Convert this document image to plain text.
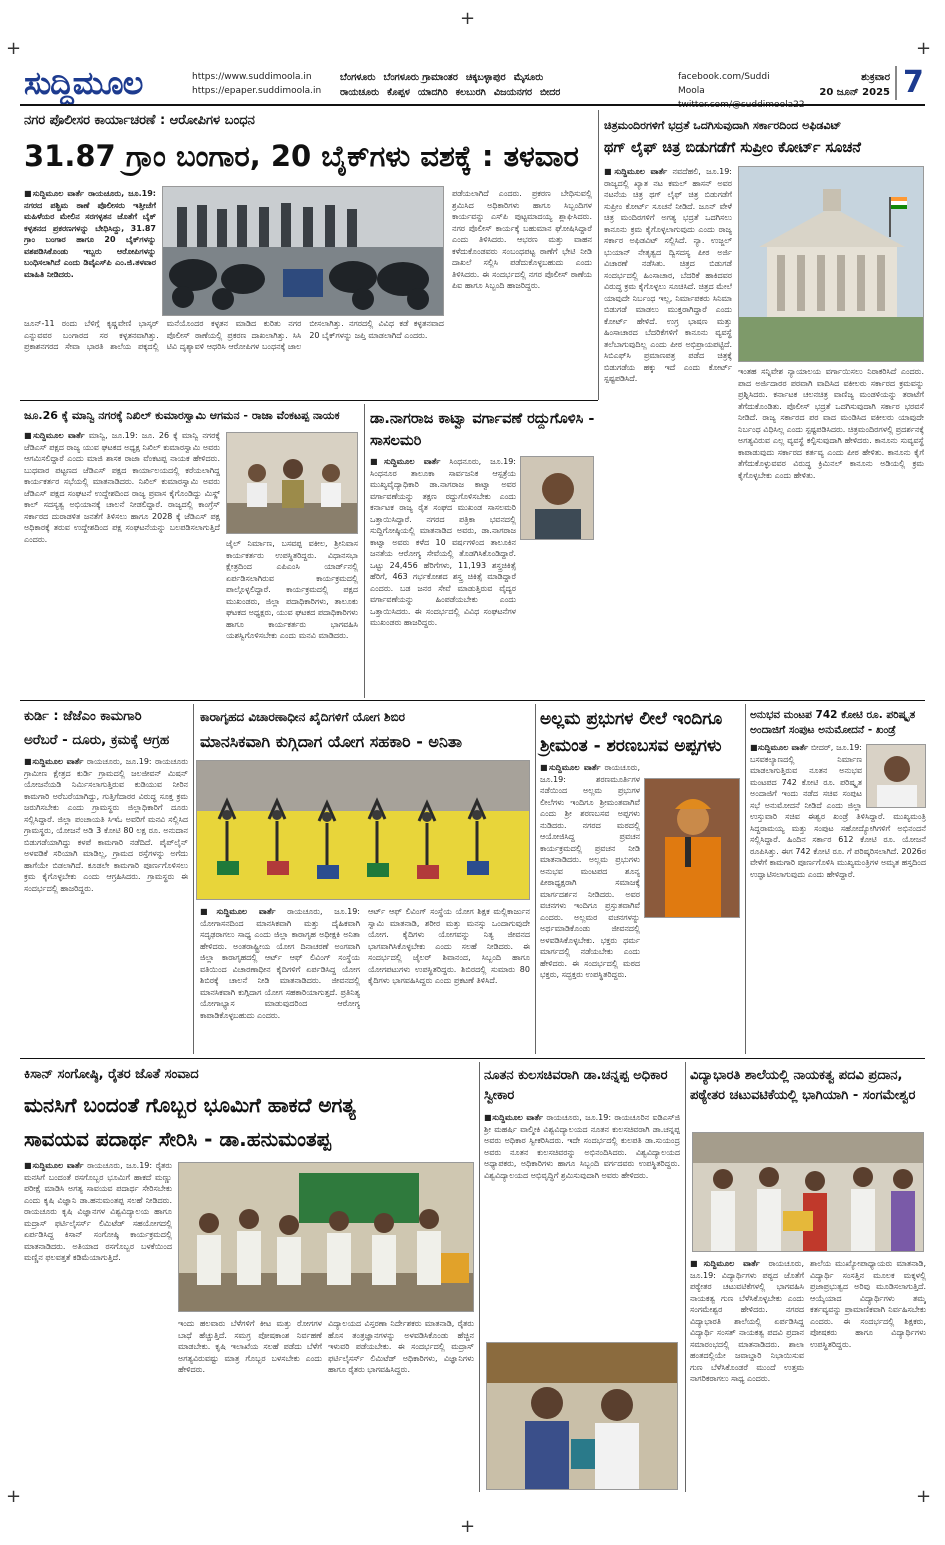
+	+
+	+
+
+
ಸುದ್ದಿಮೂಲ	https://www.suddimoola.in
https://epaper.suddimoola.in
ಬೆಂಗಳೂರು ಬೆಂಗಳೂರು ಗ್ರಾಮಾಂತರ ಚಿಕ್ಕಬಳ್ಳಾಪುರ ಮೈಸೂರು
ರಾಯಚೂರು ಕೊಪ್ಪಳ ಯಾದಗಿರಿ ಕಲಬುರಗಿ ವಿಜಯನಗರ ಬೀದರ
facebook.com/Suddi Moola
ಶುಕ್ರವಾರ
20 ಜೂನ್ 2025 7
ನಗರ ಪೊಲೀಸರ ಕಾರ್ಯಾಚರಣೆ : ಆರೋಪಿಗಳ ಬಂಧನ
31.87 ಗ್ರಾಂ ಬಂಗಾರ, 20 ಬೈಕ್‌ಗಳು ವಶಕ್ಕೆ : ತಳವಾರ
■ಸುದ್ದಿಮೂಲ ವಾರ್ತೆ ರಾಯಚೂರು, ಜೂ.19: ನಗರದ ಪಶ್ಚಿಮ ಠಾಣೆ ಪೊಲೀಸರು ಇತ್ತೀಚೆಗೆ ಮಹಿಳೆಯರ ಮೇಲಿನ ಸರಗಳ್ಳತನ ಜೊತೆಗೆ ಬೈಕ್ ಕಳ್ಳತನದ ಪ್ರಕರಣಗಳನ್ನು ಬೇಧಿಸಿದ್ದು, 31.87 ಗ್ರಾಂ ಬಂಗಾರ ಹಾಗೂ 20 ಬೈಕ್‌ಗಳನ್ನು ವಶಪಡಿಸಿಕೊಂಡು ಇಬ್ಬರು ಆರೋಪಿಗಳನ್ನು ಬಂಧಿಸಲಾಗಿದೆ ಎಂದು ಡಿವೈಎಸ್‌ಪಿ ಎಂ.ಜಿ.ತಳವಾರ ಮಾಹಿತಿ ನೀಡಿದರು.
ಪಡೆಯಲಾಗಿದೆ ಎಂದರು. ಪ್ರಕರಣ ಬೇಧಿಸುವಲ್ಲಿ ಶ್ರಮಿಸಿದ ಅಧಿಕಾರಿಗಳು ಹಾಗೂ ಸಿಬ್ಬಂದಿಗಳ ಕಾರ್ಯವನ್ನು ಎಸ್‌ಪಿ ಪುಟ್ಟಮಾದಯ್ಯ ಶ್ಲಾಘಿಸಿದರು. ನಗರ ಪೊಲೀಸ್ ಕಾರ್ಯಕ್ಕೆ ಬಹುಮಾನ ಘೋಷಿಸಿದ್ದಾರೆ ಎಂದು ತಿಳಿಸಿದರು. ಆಭರಣ ಮತ್ತು ವಾಹನ ಕಳೆದುಕೊಂಡವರು ಸಂಬಂಧಪಟ್ಟ ಠಾಣೆಗೆ ಭೇಟಿ ನೀಡಿ ದಾಖಲೆ ಸಲ್ಲಿಸಿ ಪಡೆದುಕೊಳ್ಳಬಹುದು ಎಂದು ತಿಳಿಸಿದರು. ಈ ಸಂದರ್ಭದಲ್ಲಿ ನಗರ ಪೊಲೀಸ್ ಠಾಣೆಯ ಪಿಐ ಹಾಗೂ ಸಿಬ್ಬಂದಿ ಹಾಜರಿದ್ದರು.
ಜೂನ್‌-11 ರಂದು ಬೆಳಿಗ್ಗೆ ಕೃಷ್ಣವೇಣಿ ಭಾಸ್ಕರ್ ಎನ್ನುವವರ ಬಂಗಾರದ ಸರ ಕಳ್ಳತನವಾಗಿತ್ತು. ಪ್ರಕಾಶನಗರದ ಸೇವಾ ಭಾರತಿ ಶಾಲೆಯ ಪಕ್ಕದಲ್ಲಿ ಮನೆಯೊಂದರ ಕಳ್ಳತನ ಮಾಡಿದ ಕುರಿತು ನಗರ ಪೊಲೀಸ್ ಠಾಣೆಯಲ್ಲಿ ಪ್ರಕರಣ ದಾಖಲಾಗಿತ್ತು. ಸಿಸಿ ಟಿವಿ ದೃಶ್ಯಾವಳಿ ಆಧರಿಸಿ ಆರೋಪಿಗಳ ಬಂಧನಕ್ಕೆ ಜಾಲ ಬೀಸಲಾಗಿತ್ತು. ನಗರದಲ್ಲಿ ವಿವಿಧ ಕಡೆ ಕಳ್ಳತನವಾದ 20 ಬೈಕ್‌ಗಳನ್ನು ಜಪ್ತಿ ಮಾಡಲಾಗಿದೆ ಎಂದರು.
ಚಿತ್ರಮಂದಿರಗಳಿಗೆ ಭದ್ರತೆ ಒದಗಿಸುವುದಾಗಿ ಸರ್ಕಾರದಿಂದ ಅಫಿಡವಿಟ್
ಥಗ್ ಲೈಫ್ ಚಿತ್ರ ಬಿಡುಗಡೆಗೆ ಸುಪ್ರೀಂ ಕೋರ್ಟ್ ಸೂಚನೆ
■ಸುದ್ದಿಮೂಲ ವಾರ್ತೆ ನವದೆಹಲಿ, ಜೂ.19: ರಾಜ್ಯದಲ್ಲಿ ಖ್ಯಾತ ನಟ ಕಮಲ್ ಹಾಸನ್ ಅವರ ನಟನೆಯ ಚಿತ್ರ ಥಗ್ ಲೈಫ್ ಚಿತ್ರ ಬಿಡುಗಡೆಗೆ ಸುಪ್ರೀಂ ಕೋರ್ಟ್ ಸೂಚನೆ ನೀಡಿದೆ. ಜೂನ್ ವೇಳೆ ಚಿತ್ರ ಮಂದಿರಗಳಿಗೆ ಅಗತ್ಯ ಭದ್ರತೆ ಒದಗಿಸಲು ಕಾನೂನು ಕ್ರಮ ಕೈಗೊಳ್ಳಲಾಗುವುದು ಎಂದು ರಾಜ್ಯ ಸರ್ಕಾರ ಅಫಿಡವಿಟ್ ಸಲ್ಲಿಸಿದೆ. ನ್ಯಾ. ಉಜ್ಜಲ್ ಭುಯಾನ್ ನೇತೃತ್ವದ ದ್ವಿಸದಸ್ಯ ಪೀಠ ಅರ್ಜಿ ವಿಚಾರಣೆ ನಡೆಸಿತು. ಚಿತ್ರದ ಬಿಡುಗಡೆ ಸಂದರ್ಭದಲ್ಲಿ ಹಿಂಸಾಚಾರ, ಬೆದರಿಕೆ ಹಾಕಿದವರ ವಿರುದ್ಧ ಕ್ರಮ ಕೈಗೊಳ್ಳಲು ಸೂಚಿಸಿದೆ. ಚಿತ್ರದ ಮೇಲೆ ಯಾವುದೇ ನಿರ್ಬಂಧ ಇಲ್ಲ, ನಿರ್ಮಾಪಕರು ಸಿನಿಮಾ ಬಿಡುಗಡೆ ಮಾಡಲು ಮುಕ್ತರಾಗಿದ್ದಾರೆ ಎಂದು ಕೋರ್ಟ್ ಹೇಳಿದೆ. ಉಗ್ರ ಭಾಷಣ ಮತ್ತು ಹಿಂಸಾಚಾರದ ಬೆದರಿಕೆಗಳಿಗೆ ಕಾನೂನು ವ್ಯವಸ್ಥೆ ತಲೆಬಾಗುವುದಿಲ್ಲ ಎಂದು ಪೀಠ ಅಭಿಪ್ರಾಯಪಟ್ಟಿದೆ. ಸಿಬಿಎಫ್‌ಸಿ ಪ್ರಮಾಣಪತ್ರ ಪಡೆದ ಚಿತ್ರಕ್ಕೆ ಬಿಡುಗಡೆಯ ಹಕ್ಕು ಇದೆ ಎಂದು ಕೋರ್ಟ್ ಸ್ಪಷ್ಟಪಡಿಸಿದೆ.
ಇಂತಹ ಸನ್ನಿವೇಶ ನ್ಯಾಯಾಲಯ ವರ್ಗಾಯಿಸಲು ನಿರಾಕರಿಸಿದೆ ಎಂದರು. ಪಾದ ಅರ್ಜಿದಾರರ ಪರವಾಗಿ ವಾದಿಸಿದ ವಕೀಲರು ಸರ್ಕಾರದ ಕ್ರಮವನ್ನು ಪ್ರಶ್ನಿಸಿದರು. ಕರ್ನಾಟಕ ಚಲನಚಿತ್ರ ವಾಣಿಜ್ಯ ಮಂಡಳಿಯನ್ನು ತರಾಟೆಗೆ ತೆಗೆದುಕೊಂಡಿತು. ಪೊಲೀಸ್ ಭದ್ರತೆ ಒದಗಿಸುವುದಾಗಿ ಸರ್ಕಾರ ಭರವಸೆ ನೀಡಿದೆ. ರಾಜ್ಯ ಸರ್ಕಾರದ ಪರ ವಾದ ಮಂಡಿಸಿದ ವಕೀಲರು ಯಾವುದೇ ನಿರ್ಬಂಧ ವಿಧಿಸಿಲ್ಲ ಎಂದು ಸ್ಪಷ್ಟಪಡಿಸಿದರು. ಚಿತ್ರಮಂದಿರಗಳಲ್ಲಿ ಪ್ರದರ್ಶನಕ್ಕೆ ಅಗತ್ಯವಿರುವ ಎಲ್ಲ ವ್ಯವಸ್ಥೆ ಕಲ್ಪಿಸುವುದಾಗಿ ಹೇಳಿದರು. ಕಾನೂನು ಸುವ್ಯವಸ್ಥೆ ಕಾಪಾಡುವುದು ಸರ್ಕಾರದ ಕರ್ತವ್ಯ ಎಂದು ಪೀಠ ಹೇಳಿತು. ಕಾನೂನು ಕೈಗೆ ತೆಗೆದುಕೊಳ್ಳುವವರ ವಿರುದ್ಧ ಕ್ರಿಮಿನಲ್ ಕಾನೂನು ಅಡಿಯಲ್ಲಿ ಕ್ರಮ ಕೈಗೊಳ್ಳಬೇಕು ಎಂದು ಹೇಳಿತು.
ಜೂ.26 ಕ್ಕೆ ಮಾನ್ವಿ ನಗರಕ್ಕೆ ನಿಖಿಲ್ ಕುಮಾರಸ್ವಾಮಿ ಆಗಮನ - ರಾಜಾ ವೆಂಕಟಪ್ಪ ನಾಯಕ
■ಸುದ್ದಿಮೂಲ ವಾರ್ತೆ ಮಾನ್ವಿ, ಜೂ.19: ಜೂ. 26 ಕ್ಕೆ ಮಾನ್ವಿ ನಗರಕ್ಕೆ ಜೆಡಿಎಸ್ ಪಕ್ಷದ ರಾಜ್ಯ ಯುವ ಘಟಕದ ಅಧ್ಯಕ್ಷ ನಿಖಿಲ್ ಕುಮಾರಸ್ವಾಮಿ ಅವರು ಆಗಮಿಸಲಿದ್ದಾರೆ ಎಂದು ಮಾಜಿ ಶಾಸಕ ರಾಜಾ ವೆಂಕಟಪ್ಪ ನಾಯಕ ಹೇಳಿದರು. ಬುಧವಾರ ಪಟ್ಟಣದ ಜೆಡಿಎಸ್ ಪಕ್ಷದ ಕಾರ್ಯಾಲಯದಲ್ಲಿ ಕರೆಯಲಾಗಿದ್ದ ಕಾರ್ಯಕರ್ತರ ಸಭೆಯಲ್ಲಿ ಮಾತನಾಡಿದರು. ನಿಖಿಲ್ ಕುಮಾರಸ್ವಾಮಿ ಅವರು ಜೆಡಿಎಸ್ ಪಕ್ಷದ ಸಂಘಟನೆ ಉದ್ದೇಶದಿಂದ ರಾಜ್ಯ ಪ್ರವಾಸ ಕೈಗೊಂಡಿದ್ದು ಮಿಸ್ಡ್ ಕಾಲ್ ಸದಸ್ಯತ್ವ ಅಭಿಯಾನಕ್ಕೆ ಚಾಲನೆ ನೀಡಲಿದ್ದಾರೆ. ರಾಜ್ಯದಲ್ಲಿ ಕಾಂಗ್ರೆಸ್ ಸರ್ಕಾರದ ದುರಾಡಳಿತ ಜನತೆಗೆ ತಿಳಿಸಲು ಹಾಗೂ 2028 ಕ್ಕೆ ಜೆಡಿಎಸ್ ಪಕ್ಷ ಅಧಿಕಾರಕ್ಕೆ ತರುವ ಉದ್ದೇಶದಿಂದ ಪಕ್ಷ ಸಂಘಟನೆಯನ್ನು ಬಲಪಡಿಸಲಾಗುತ್ತಿದೆ ಎಂದರು.	ಜೈಲ್ ನಿರ್ಮಾಣ, ಬಸವಪ್ಪ ವಕೀಲ, ಶ್ರೀನಿವಾಸ ಕಾರ್ಯಕರ್ತರು ಉಪಸ್ಥಿತರಿದ್ದರು. ವಿಧಾನಸಭಾ ಕ್ಷೇತ್ರದಿಂದ ಎಪಿಎಂಸಿ ಯಾರ್ಡ್‌ನಲ್ಲಿ ಏರ್ಪಡಿಸಲಾಗಿರುವ ಕಾರ್ಯಕ್ರಮದಲ್ಲಿ ಪಾಲ್ಗೊಳ್ಳಲಿದ್ದಾರೆ. ಕಾರ್ಯಕ್ರಮದಲ್ಲಿ ಪಕ್ಷದ ಮುಖಂಡರು, ಜಿಲ್ಲಾ ಪದಾಧಿಕಾರಿಗಳು, ತಾಲೂಕು ಘಟಕದ ಅಧ್ಯಕ್ಷರು, ಯುವ ಘಟಕದ ಪದಾಧಿಕಾರಿಗಳು ಹಾಗೂ ಕಾರ್ಯಕರ್ತರು ಭಾಗವಹಿಸಿ ಯಶಸ್ವಿಗೊಳಿಸಬೇಕು ಎಂದು ಮನವಿ ಮಾಡಿದರು.
ಡಾ.ನಾಗರಾಜ ಕಾಟ್ವಾ ವರ್ಗಾವಣೆ ರದ್ದುಗೊಳಿಸಿ - ಸಾಸಲಮರಿ
■ಸುದ್ದಿಮೂಲ ವಾರ್ತೆ ಸಿಂಧನೂರು, ಜೂ.19: ಸಿಂಧನೂರ ತಾಲೂಕಾ ಸಾರ್ವಜನಿಕ ಆಸ್ಪತ್ರೆಯ ಮುಖ್ಯವೈದ್ಯಾಧಿಕಾರಿ ಡಾ.ನಾಗರಾಜ ಕಾಟ್ವಾ ಅವರ ವರ್ಗಾವಣೆಯನ್ನು ತಕ್ಷಣ ರದ್ದುಗೊಳಿಸಬೇಕು ಎಂದು ಕರ್ನಾಟಕ ರಾಜ್ಯ ರೈತ ಸಂಘದ ಮುಖಂಡ ಸಾಸಲಮರಿ ಒತ್ತಾಯಿಸಿದ್ದಾರೆ. ನಗರದ ಪತ್ರಿಕಾ ಭವನದಲ್ಲಿ ಸುದ್ದಿಗೋಷ್ಠಿಯಲ್ಲಿ ಮಾತನಾಡಿದ ಅವರು, ಡಾ.ನಾಗರಾಜ ಕಾಟ್ವಾ ಅವರು ಕಳೆದ 10 ವರ್ಷಗಳಿಂದ ತಾಲೂಕಿನ ಜನತೆಯ ಆರೋಗ್ಯ ಸೇವೆಯಲ್ಲಿ ತೊಡಗಿಸಿಕೊಂಡಿದ್ದಾರೆ. ಒಟ್ಟು 24,456 ಹೆರಿಗೆಗಳು, 11,193 ಶಸ್ತ್ರಚಿಕಿತ್ಸೆ ಹೆರಿಗೆ, 463 ಗರ್ಭಕೋಶದ ಶಸ್ತ್ರ ಚಿಕಿತ್ಸೆ ಮಾಡಿದ್ದಾರೆ ಎಂದರು. ಬಡ ಜನರ ಸೇವೆ ಮಾಡುತ್ತಿರುವ ವೈದ್ಯರ ವರ್ಗಾವಣೆಯನ್ನು ಹಿಂಪಡೆಯಬೇಕು ಎಂದು ಒತ್ತಾಯಿಸಿದರು. ಈ ಸಂದರ್ಭದಲ್ಲಿ ವಿವಿಧ ಸಂಘಟನೆಗಳ ಮುಖಂಡರು ಹಾಜರಿದ್ದರು.
ಕುರ್ಡಿ : ಜೆಜೆಎಂ ಕಾಮಗಾರಿ
ಅರೆಬರೆ - ದೂರು, ಕ್ರಮಕ್ಕೆ ಆಗ್ರಹ
■ಸುದ್ದಿಮೂಲ ವಾರ್ತೆ ರಾಯಚೂರು, ಜೂ.19: ರಾಯಚೂರು ಗ್ರಾಮೀಣ ಕ್ಷೇತ್ರದ ಕುರ್ಡಿ ಗ್ರಾಮದಲ್ಲಿ ಜಲಜೀವನ್ ಮಿಷನ್ ಯೋಜನೆಯಡಿ ನಿರ್ಮಿಸಲಾಗುತ್ತಿರುವ ಕುಡಿಯುವ ನೀರಿನ ಕಾಮಗಾರಿ ಅರೆಬರೆಯಾಗಿದ್ದು, ಗುತ್ತಿಗೆದಾರರ ವಿರುದ್ಧ ಸೂಕ್ತ ಕ್ರಮ ಜರುಗಿಸಬೇಕು ಎಂದು ಗ್ರಾಮಸ್ಥರು ಜಿಲ್ಲಾಧಿಕಾರಿಗೆ ದೂರು ಸಲ್ಲಿಸಿದ್ದಾರೆ. ಜಿಲ್ಲಾ ಪಂಚಾಯತಿ ಸಿಇಓ ಅವರಿಗೆ ಮನವಿ ಸಲ್ಲಿಸಿದ ಗ್ರಾಮಸ್ಥರು, ಯೋಜನೆ ಅಡಿ 3 ಕೋಟಿ 80 ಲಕ್ಷ ರೂ. ಅನುದಾನ ಬಿಡುಗಡೆಯಾಗಿದ್ದು ಕಳಪೆ ಕಾಮಗಾರಿ ನಡೆದಿದೆ. ಪೈಪ್‌ಲೈನ್ ಅಳವಡಿಕೆ ಸರಿಯಾಗಿ ಮಾಡಿಲ್ಲ, ಗ್ರಾಮದ ರಸ್ತೆಗಳನ್ನು ಅಗೆದು ಹಾಗೆಯೇ ಬಿಡಲಾಗಿದೆ. ಕೂಡಲೇ ಕಾಮಗಾರಿ ಪೂರ್ಣಗೊಳಿಸಲು ಕ್ರಮ ಕೈಗೊಳ್ಳಬೇಕು ಎಂದು ಆಗ್ರಹಿಸಿದರು. ಗ್ರಾಮಸ್ಥರು ಈ ಸಂದರ್ಭದಲ್ಲಿ ಹಾಜರಿದ್ದರು.
ಕಾರಾಗೃಹದ ವಿಚಾರಣಾಧೀನ ಖೈದಿಗಳಿಗೆ ಯೋಗ ಶಿಬಿರ
ಮಾನಸಿಕವಾಗಿ ಕುಗ್ಗಿದಾಗ ಯೋಗ ಸಹಕಾರಿ - ಅನಿತಾ
■ಸುದ್ದಿಮೂಲ ವಾರ್ತೆ ರಾಯಚೂರು, ಜೂ.19: ಯೋಗಾಸನದಿಂದ ಮಾನಸಿಕವಾಗಿ ಮತ್ತು ದೈಹಿಕವಾಗಿ ಸದೃಢರಾಗಲು ಸಾಧ್ಯ ಎಂದು ಜಿಲ್ಲಾ ಕಾರಾಗೃಹ ಅಧೀಕ್ಷಕಿ ಅನಿತಾ ಹೇಳಿದರು. ಅಂತರಾಷ್ಟ್ರೀಯ ಯೋಗ ದಿನಾಚರಣೆ ಅಂಗವಾಗಿ ಜಿಲ್ಲಾ ಕಾರಾಗೃಹದಲ್ಲಿ ಆರ್ಟ್ ಆಫ್ ಲಿವಿಂಗ್ ಸಂಸ್ಥೆಯ ವತಿಯಿಂದ ವಿಚಾರಣಾಧೀನ ಕೈದಿಗಳಿಗೆ ಏರ್ಪಡಿಸಿದ್ದ ಯೋಗ ಶಿಬಿರಕ್ಕೆ ಚಾಲನೆ ನೀಡಿ ಮಾತನಾಡಿದರು. ಜೀವನದಲ್ಲಿ ಮಾನಸಿಕವಾಗಿ ಕುಗ್ಗಿದಾಗ ಯೋಗ ಸಹಕಾರಿಯಾಗುತ್ತದೆ. ಪ್ರತಿನಿತ್ಯ ಯೋಗಾಭ್ಯಾಸ ಮಾಡುವುದರಿಂದ ಆರೋಗ್ಯ ಕಾಪಾಡಿಕೊಳ್ಳಬಹುದು ಎಂದರು.
ಆರ್ಟ್ ಆಫ್ ಲಿವಿಂಗ್ ಸಂಸ್ಥೆಯ ಯೋಗ ಶಿಕ್ಷಕ ಮಲ್ಲಿಕಾರ್ಜುನ ಸ್ವಾಮಿ ಮಾತನಾಡಿ, ಶರೀರ ಮತ್ತು ಮನಸ್ಸು ಒಂದಾಗುವುದೇ ಯೋಗ. ಕೈದಿಗಳು ಯೋಗವನ್ನು ನಿತ್ಯ ಜೀವನದ ಭಾಗವಾಗಿಸಿಕೊಳ್ಳಬೇಕು ಎಂದು ಸಲಹೆ ನೀಡಿದರು. ಈ ಸಂದರ್ಭದಲ್ಲಿ ಜೈಲರ್ ಶಿವಾನಂದ, ಸಿಬ್ಬಂದಿ ಹಾಗೂ ಯೋಗಪಟುಗಳು ಉಪಸ್ಥಿತರಿದ್ದರು. ಶಿಬಿರದಲ್ಲಿ ಸುಮಾರು 80 ಕೈದಿಗಳು ಭಾಗವಹಿಸಿದ್ದರು ಎಂದು ಪ್ರಕಟಣೆ ತಿಳಿಸಿದೆ.
ಅಲ್ಲಮ ಪ್ರಭುಗಳ ಲೀಲೆ ಇಂದಿಗೂ ಶ್ರೀಮಂತ - ಶರಣಬಸವ ಅಪ್ಪಗಳು
■ಸುದ್ದಿಮೂಲ ವಾರ್ತೆ ರಾಯಚೂರು, ಜೂ.19:	ಶರಣಮೂರ್ತಿಗಳ ನಡೆಯಿಂದ ಅಲ್ಲಮ ಪ್ರಭುಗಳ ಲೀಲೆಗಳು ಇಂದಿಗೂ ಶ್ರೀಮಂತವಾಗಿವೆ ಎಂದು ಶ್ರೀ ಶರಣಬಸವ ಅಪ್ಪಗಳು ನುಡಿದರು. ನಗರದ ಮಠದಲ್ಲಿ ಆಯೋಜಿಸಿದ್ದ ಪ್ರವಚನ ಕಾರ್ಯಕ್ರಮದಲ್ಲಿ ಪ್ರವಚನ ನೀಡಿ ಮಾತನಾಡಿದರು. ಅಲ್ಲಮ ಪ್ರಭುಗಳು ಅನುಭವ ಮಂಟಪದ ಶೂನ್ಯ ಪೀಠಾಧ್ಯಕ್ಷರಾಗಿ ಸಮಾಜಕ್ಕೆ ಮಾರ್ಗದರ್ಶನ ನೀಡಿದರು. ಅವರ ವಚನಗಳು ಇಂದಿಗೂ ಪ್ರಸ್ತುತವಾಗಿವೆ ಎಂದರು. ಅಲ್ಲಮರ ವಚನಗಳನ್ನು ಅರ್ಥಮಾಡಿಕೊಂಡು ಜೀವನದಲ್ಲಿ ಅಳವಡಿಸಿಕೊಳ್ಳಬೇಕು. ಭಕ್ತರು ಧರ್ಮ ಮಾರ್ಗದಲ್ಲಿ ನಡೆಯಬೇಕು ಎಂದು ಹೇಳಿದರು. ಈ ಸಂದರ್ಭದಲ್ಲಿ ಮಠದ ಭಕ್ತರು, ಸದ್ಭಕ್ತರು ಉಪಸ್ಥಿತರಿದ್ದರು.
ಅನುಭವ ಮಂಟಪ 742 ಕೋಟಿ ರೂ. ಪರಿಷ್ಕೃತ ಅಂದಾಜಿಗೆ ಸಂಪುಟ ಅನುಮೋದನೆ - ಖಂಡ್ರೆ
■ಸುದ್ದಿಮೂಲ ವಾರ್ತೆ ಬೀದರ್, ಜೂ.19: ಬಸವಕಲ್ಯಾಣದಲ್ಲಿ ನಿರ್ಮಾಣ ಮಾಡಲಾಗುತ್ತಿರುವ ನೂತನ ಅನುಭವ ಮಂಟಪದ 742 ಕೋಟಿ ರೂ. ಪರಿಷ್ಕೃತ ಅಂದಾಜಿಗೆ ಇಂದು ನಡೆದ ಸಚಿವ ಸಂಪುಟ ಸಭೆ ಅನುಮೋದನೆ ನೀಡಿದೆ ಎಂದು ಜಿಲ್ಲಾ ಉಸ್ತುವಾರಿ ಸಚಿವ ಈಶ್ವರ ಖಂಡ್ರೆ ತಿಳಿಸಿದ್ದಾರೆ. ಮುಖ್ಯಮಂತ್ರಿ ಸಿದ್ದರಾಮಯ್ಯ ಮತ್ತು ಸಂಪುಟ ಸಹೋದ್ಯೋಗಿಗಳಿಗೆ ಅಭಿನಂದನೆ ಸಲ್ಲಿಸಿದ್ದಾರೆ. ಹಿಂದಿನ ಸರ್ಕಾರ 612 ಕೋಟಿ ರೂ. ಯೋಜನೆ ರೂಪಿಸಿತ್ತು. ಈಗ 742 ಕೋಟಿ ರೂ. ಗೆ ಪರಿಷ್ಕರಿಸಲಾಗಿದೆ. 2026ರ ವೇಳೆಗೆ ಕಾಮಗಾರಿ ಪೂರ್ಣಗೊಳಿಸಿ ಮುಖ್ಯಮಂತ್ರಿಗಳ ಅಮೃತ ಹಸ್ತದಿಂದ ಉದ್ಘಾಟಿಸಲಾಗುವುದು ಎಂದು ಹೇಳಿದ್ದಾರೆ.
ಕಿಸಾನ್ ಸಂಗೋಷ್ಠಿ, ರೈತರ ಜೊತೆ ಸಂವಾದ
ಮನಸಿಗೆ ಬಂದಂತೆ ಗೊಬ್ಬರ ಭೂಮಿಗೆ ಹಾಕದೆ ಅಗತ್ಯ
ಸಾವಯವ ಪದಾರ್ಥ ಸೇರಿಸಿ - ಡಾ.ಹನುಮಂತಪ್ಪ
■ಸುದ್ದಿಮೂಲ ವಾರ್ತೆ ರಾಯಚೂರು, ಜೂ.19: ರೈತರು ಮನಸಿಗೆ ಬಂದಂತೆ ರಸಗೊಬ್ಬರ ಭೂಮಿಗೆ ಹಾಕದೆ ಮಣ್ಣು ಪರೀಕ್ಷೆ ಮಾಡಿಸಿ ಅಗತ್ಯ ಸಾವಯವ ಪದಾರ್ಥ ಸೇರಿಸಬೇಕು ಎಂದು ಕೃಷಿ ವಿಜ್ಞಾನಿ ಡಾ.ಹನುಮಂತಪ್ಪ ಸಲಹೆ ನೀಡಿದರು. ರಾಯಚೂರು ಕೃಷಿ ವಿಜ್ಞಾನಗಳ ವಿಶ್ವವಿದ್ಯಾಲಯ ಹಾಗೂ ಮದ್ರಾಸ್ ಫರ್ಟಿಲೈಸರ್ಸ್ ಲಿಮಿಟೆಡ್ ಸಹಯೋಗದಲ್ಲಿ ಏರ್ಪಡಿಸಿದ್ದ ಕಿಸಾನ್ ಸಂಗೋಷ್ಠಿ ಕಾರ್ಯಕ್ರಮದಲ್ಲಿ ಮಾತನಾಡಿದರು. ಅತಿಯಾದ ರಸಗೊಬ್ಬರ ಬಳಕೆಯಿಂದ ಮಣ್ಣಿನ ಫಲವತ್ತತೆ ಕಡಿಮೆಯಾಗುತ್ತಿದೆ.
ಇಂದು ಹಲವಾರು ಬೆಳೆಗಳಿಗೆ ಕೀಟ ಮತ್ತು ರೋಗಗಳ ಬಾಧೆ ಹೆಚ್ಚುತ್ತಿದೆ. ಸಮಗ್ರ ಪೋಷಕಾಂಶ ನಿರ್ವಹಣೆ ಮಾಡಬೇಕು. ಕೃಷಿ ಇಲಾಖೆಯ ಸಲಹೆ ಪಡೆದು ಬೆಳೆಗೆ ಅಗತ್ಯವಿರುವಷ್ಟು ಮಾತ್ರ ಗೊಬ್ಬರ ಬಳಸಬೇಕು ಎಂದು ಹೇಳಿದರು.
ವಿದ್ಯಾಲಯದ ವಿಸ್ತರಣಾ ನಿರ್ದೇಶಕರು ಮಾತನಾಡಿ, ರೈತರು ಹೊಸ ತಂತ್ರಜ್ಞಾನಗಳನ್ನು ಅಳವಡಿಸಿಕೊಂಡು ಹೆಚ್ಚಿನ ಇಳುವರಿ ಪಡೆಯಬೇಕು. ಈ ಸಂದರ್ಭದಲ್ಲಿ ಮದ್ರಾಸ್ ಫರ್ಟಿಲೈಸರ್ಸ್ ಲಿಮಿಟೆಡ್ ಅಧಿಕಾರಿಗಳು, ವಿಜ್ಞಾನಿಗಳು ಹಾಗೂ ರೈತರು ಭಾಗವಹಿಸಿದ್ದರು.
ನೂತನ ಕುಲಸಚಿವರಾಗಿ ಡಾ.ಚನ್ನಪ್ಪ ಅಧಿಕಾರ ಸ್ವೀಕಾರ
■ಸುದ್ದಿಮೂಲ ವಾರ್ತೆ ರಾಯಚೂರು, ಜೂ.19: ರಾಯಚೂರಿನ ಐಡಿಎಸ್‌ಜಿ ಶ್ರೀ ಮಹರ್ಷಿ ವಾಲ್ಮೀಕಿ ವಿಶ್ವವಿದ್ಯಾಲಯದ ನೂತನ ಕುಲಸಚಿವರಾಗಿ ಡಾ.ಚನ್ನಪ್ಪ ಅವರು ಅಧಿಕಾರ ಸ್ವೀಕರಿಸಿದರು. ಇದೇ ಸಂದರ್ಭದಲ್ಲಿ ಕುಲಪತಿ ಡಾ.ಸುಯಂದ್ರ ಅವರು ನೂತನ ಕುಲಸಚಿವರನ್ನು ಅಭಿನಂದಿಸಿದರು. ವಿಶ್ವವಿದ್ಯಾಲಯದ ಅಧ್ಯಾಪಕರು, ಅಧಿಕಾರಿಗಳು ಹಾಗೂ ಸಿಬ್ಬಂದಿ ವರ್ಗದವರು ಉಪಸ್ಥಿತರಿದ್ದರು. ವಿಶ್ವವಿದ್ಯಾಲಯದ ಅಭಿವೃದ್ಧಿಗೆ ಶ್ರಮಿಸುವುದಾಗಿ ಅವರು ಹೇಳಿದರು.
ವಿದ್ಯಾಭಾರತಿ ಶಾಲೆಯಲ್ಲಿ ನಾಯಕತ್ವ ಪದವಿ ಪ್ರದಾನ, ಪಠ್ಯೇತರ ಚಟುವಟಿಕೆಯಲ್ಲಿ ಭಾಗಿಯಾಗಿ - ಸಂಗಮೇಶ್ವರ
■ಸುದ್ದಿಮೂಲ ವಾರ್ತೆ ರಾಯಚೂರು, ಜೂ.19: ವಿದ್ಯಾರ್ಥಿಗಳು ಪಠ್ಯದ ಜೊತೆಗೆ ಪಠ್ಯೇತರ ಚಟುವಟಿಕೆಗಳಲ್ಲಿ ಭಾಗವಹಿಸಿ ನಾಯಕತ್ವ ಗುಣ ಬೆಳೆಸಿಕೊಳ್ಳಬೇಕು ಎಂದು ಸಂಗಮೇಶ್ವರ ಹೇಳಿದರು. ನಗರದ ವಿದ್ಯಾಭಾರತಿ ಶಾಲೆಯಲ್ಲಿ ಏರ್ಪಡಿಸಿದ್ದ ವಿದ್ಯಾರ್ಥಿ ಸಂಸತ್ ನಾಯಕತ್ವ ಪದವಿ ಪ್ರದಾನ ಸಮಾರಂಭದಲ್ಲಿ ಮಾತನಾಡಿದರು. ಶಾಲಾ ಹಂತದಲ್ಲಿಯೇ ಜವಾಬ್ದಾರಿ ನಿಭಾಯಿಸುವ ಗುಣ ಬೆಳೆಸಿಕೊಂಡರೆ ಮುಂದೆ ಉತ್ತಮ ನಾಗರಿಕರಾಗಲು ಸಾಧ್ಯ ಎಂದರು.
ಶಾಲೆಯ ಮುಖ್ಯೋಪಾಧ್ಯಾಯರು ಮಾತನಾಡಿ, ವಿದ್ಯಾರ್ಥಿ ಸಂಸತ್ತಿನ ಮೂಲಕ ಮಕ್ಕಳಲ್ಲಿ ಪ್ರಜಾಪ್ರಭುತ್ವದ ಅರಿವು ಮೂಡಿಸಲಾಗುತ್ತಿದೆ. ಆಯ್ಕೆಯಾದ ವಿದ್ಯಾರ್ಥಿಗಳು ತಮ್ಮ ಕರ್ತವ್ಯವನ್ನು ಪ್ರಾಮಾಣಿಕವಾಗಿ ನಿರ್ವಹಿಸಬೇಕು ಎಂದರು. ಈ ಸಂದರ್ಭದಲ್ಲಿ ಶಿಕ್ಷಕರು, ಪೋಷಕರು ಹಾಗೂ ವಿದ್ಯಾರ್ಥಿಗಳು ಉಪಸ್ಥಿತರಿದ್ದರು.
